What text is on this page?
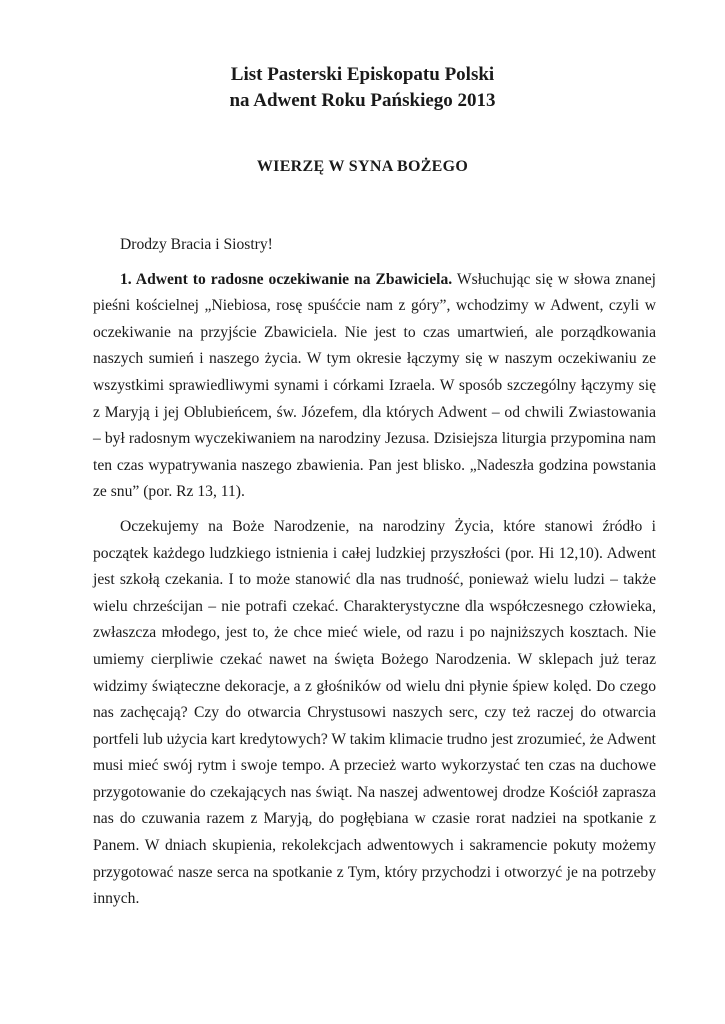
List Pasterski Episkopatu Polski
na Adwent Roku Pańskiego 2013
WIERZĘ W SYNA BOŻEGO

Drodzy Bracia i Siostry!

1. Adwent to radosne oczekiwanie na Zbawiciela. Wsłuchując się w słowa znanej pieśni kościelnej „Niebiosa, rosę spuśćcie nam z góry”, wchodzimy w Adwent, czyli w oczekiwanie na przyjście Zbawiciela. Nie jest to czas umartwień, ale porządkowania naszych sumień i naszego życia. W tym okresie łączymy się w naszym oczekiwaniu ze wszystkimi sprawiedliwymi synami i córkami Izraela. W sposób szczególny łączymy się z Maryją i jej Oblubieńcem, św. Józefem, dla których Adwent – od chwili Zwiastowania – był radosnym wyczekiwaniem na narodziny Jezusa. Dzisiejsza liturgia przypomina nam ten czas wypatrywania naszego zbawienia. Pan jest blisko. „Nadeszła godzina powstania ze snu” (por. Rz 13, 11).

Oczekujemy na Boże Narodzenie, na narodziny Życia, które stanowi źródło i początek każdego ludzkiego istnienia i całej ludzkiej przyszłości (por. Hi 12,10). Adwent jest szkołą czekania. I to może stanowić dla nas trudność, ponieważ wielu ludzi – także wielu chrześcijan – nie potrafi czekać. Charakterystyczne dla współczesnego człowieka, zwłaszcza młodego, jest to, że chce mieć wiele, od razu i po najniższych kosztach. Nie umiemy cierpliwie czekać nawet na święta Bożego Narodzenia. W sklepach już teraz widzimy świąteczne dekoracje, a z głośników od wielu dni płynie śpiew kolęd. Do czego nas zachęcają? Czy do otwarcia Chrystusowi naszych serc, czy też raczej do otwarcia portfeli lub użycia kart kredytowych? W takim klimacie trudno jest zrozumieć, że Adwent musi mieć swój rytm i swoje tempo. A przecież warto wykorzystać ten czas na duchowe przygotowanie do czekających nas świąt. Na naszej adwentowej drodze Kościół zaprasza nas do czuwania razem z Maryją, do pogłębiana w czasie rorat nadziei na spotkanie z Panem. W dniach skupienia, rekolekcjach adwentowych i sakramencie pokuty możemy przygotować nasze serca na spotkanie z Tym, który przychodzi i otworzyć je na potrzeby innych.
